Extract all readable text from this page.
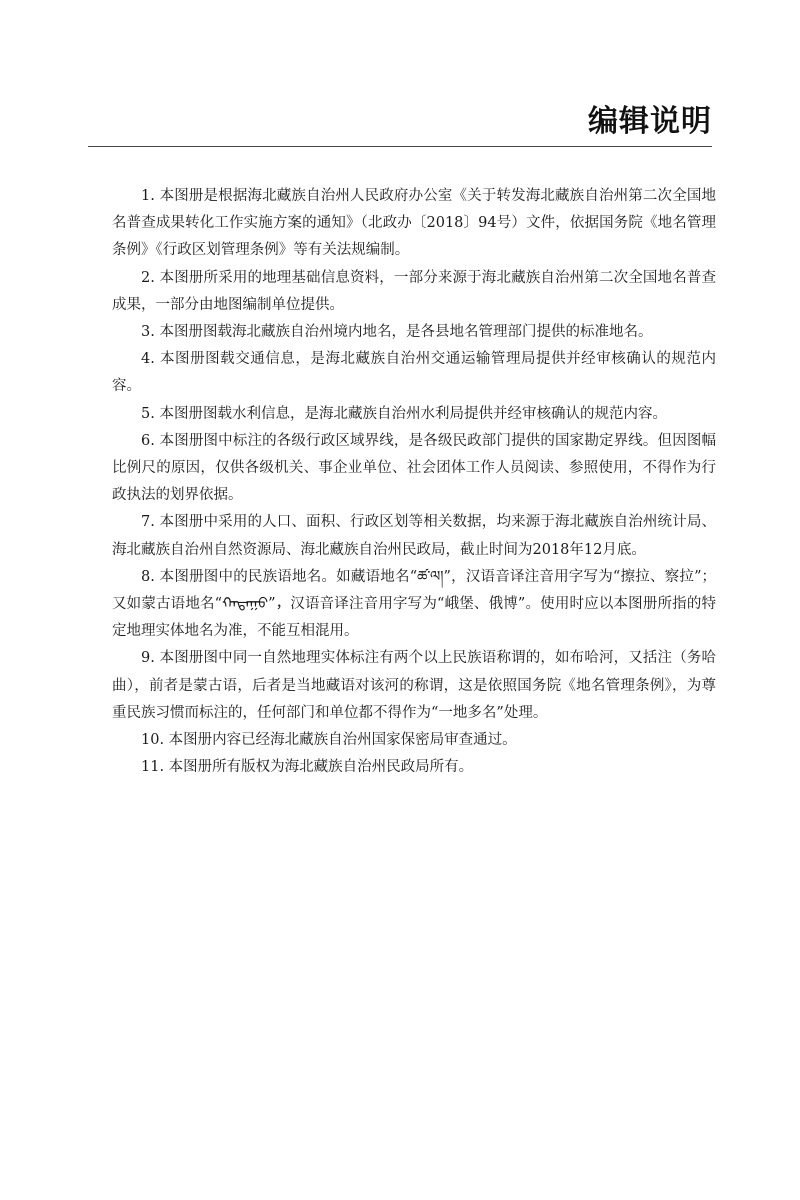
编辑说明

1. 本图册是根据海北藏族自治州人民政府办公室《关于转发海北藏族自治州第二次全国地名普查成果转化工作实施方案的通知》（北政办〔2018〕94号）文件，依据国务院《地名管理条例》《行政区划管理条例》等有关法规编制。

2. 本图册所采用的地理基础信息资料，一部分来源于海北藏族自治州第二次全国地名普查成果，一部分由地图编制单位提供。

3. 本图册图载海北藏族自治州境内地名，是各县地名管理部门提供的标准地名。

4. 本图册图载交通信息，是海北藏族自治州交通运输管理局提供并经审核确认的规范内容。

5. 本图册图载水利信息，是海北藏族自治州水利局提供并经审核确认的规范内容。

6. 本图册图中标注的各级行政区域界线，是各级民政部门提供的国家勘定界线。但因图幅比例尺的原因，仅供各级机关、事企业单位、社会团体工作人员阅读、参照使用，不得作为行政执法的划界依据。

7. 本图册中采用的人口、面积、行政区划等相关数据，均来源于海北藏族自治州统计局、海北藏族自治州自然资源局、海北藏族自治州民政局，截止时间为2018年12月底。

8. 本图册图中的民族语地名。如藏语地名“ཚ་ལ།”，汉语音译注音用字写为“擦拉、察拉”；又如蒙古语地名“ᠬᠠᠲᠠᠭᠤ”，汉语音译注音用字写为“峨堡、俄博”。使用时应以本图册所指的特定地理实体地名为准，不能互相混用。

9. 本图册图中同一自然地理实体标注有两个以上民族语称谓的，如布哈河，又括注（务哈曲），前者是蒙古语，后者是当地藏语对该河的称谓，这是依照国务院《地名管理条例》，为尊重民族习惯而标注的，任何部门和单位都不得作为“一地多名”处理。

10. 本图册内容已经海北藏族自治州国家保密局审查通过。

11. 本图册所有版权为海北藏族自治州民政局所有。
